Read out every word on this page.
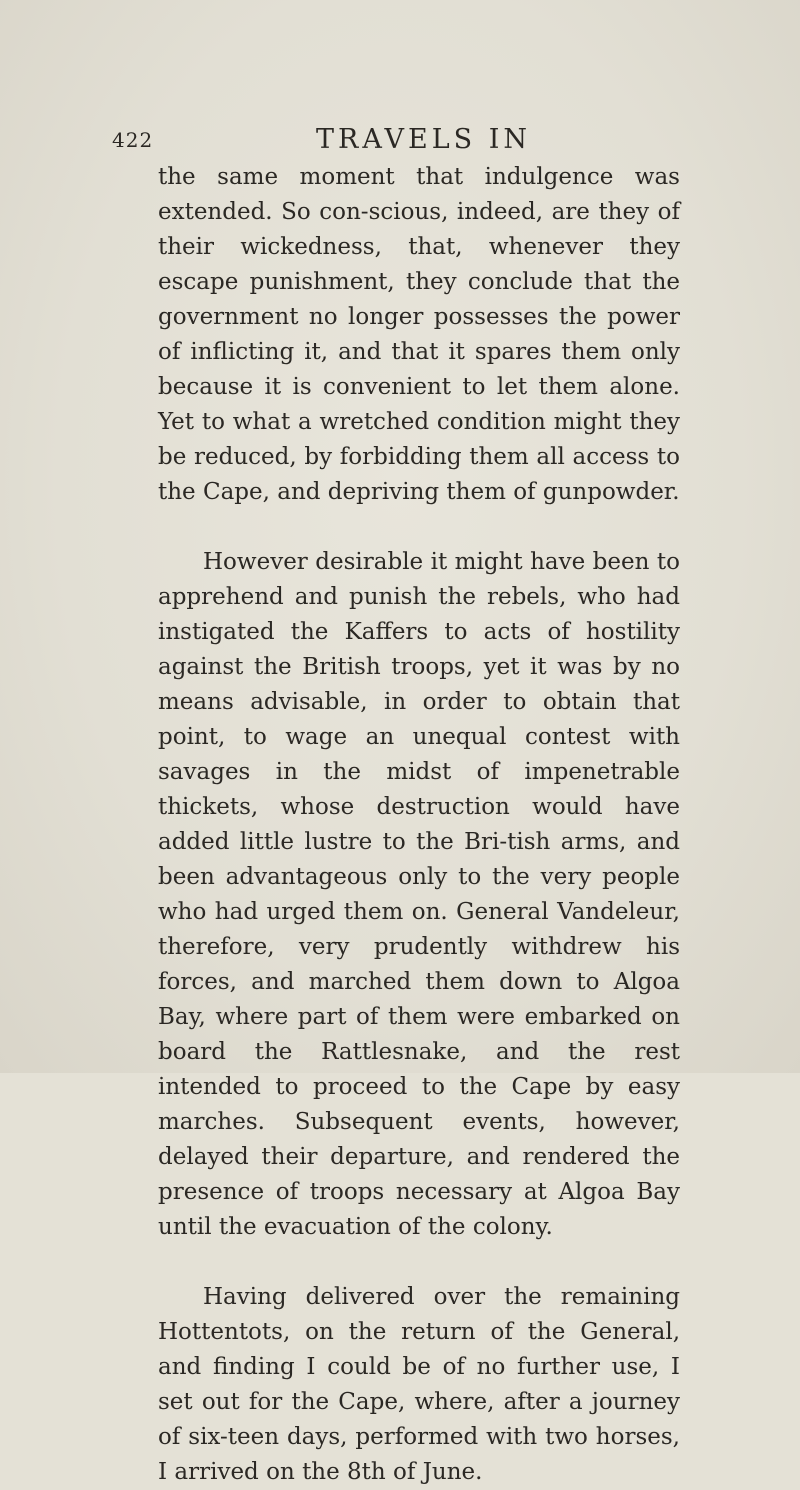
422	TRAVELS IN

the same moment that indulgence was extended. So con-scious, indeed, are they of their wickedness, that, whenever they escape punishment, they conclude that the government no longer possesses the power of inflicting it, and that it spares them only because it is convenient to let them alone. Yet to what a wretched condition might they be reduced, by forbidding them all access to the Cape, and depriving them of gunpowder.

However desirable it might have been to apprehend and punish the rebels, who had instigated the Kaffers to acts of hostility against the British troops, yet it was by no means advisable, in order to obtain that point, to wage an unequal contest with savages in the midst of impenetrable thickets, whose destruction would have added little lustre to the Bri-tish arms, and been advantageous only to the very people who had urged them on. General Vandeleur, therefore, very prudently withdrew his forces, and marched them down to Algoa Bay, where part of them were embarked on board the Rattlesnake, and the rest intended to proceed to the Cape by easy marches. Subsequent events, however, delayed their departure, and rendered the presence of troops necessary at Algoa Bay until the evacuation of the colony.

Having delivered over the remaining Hottentots, on the return of the General, and finding I could be of no further use, I set out for the Cape, where, after a journey of six-teen days, performed with two horses, I arrived on the 8th of June.
